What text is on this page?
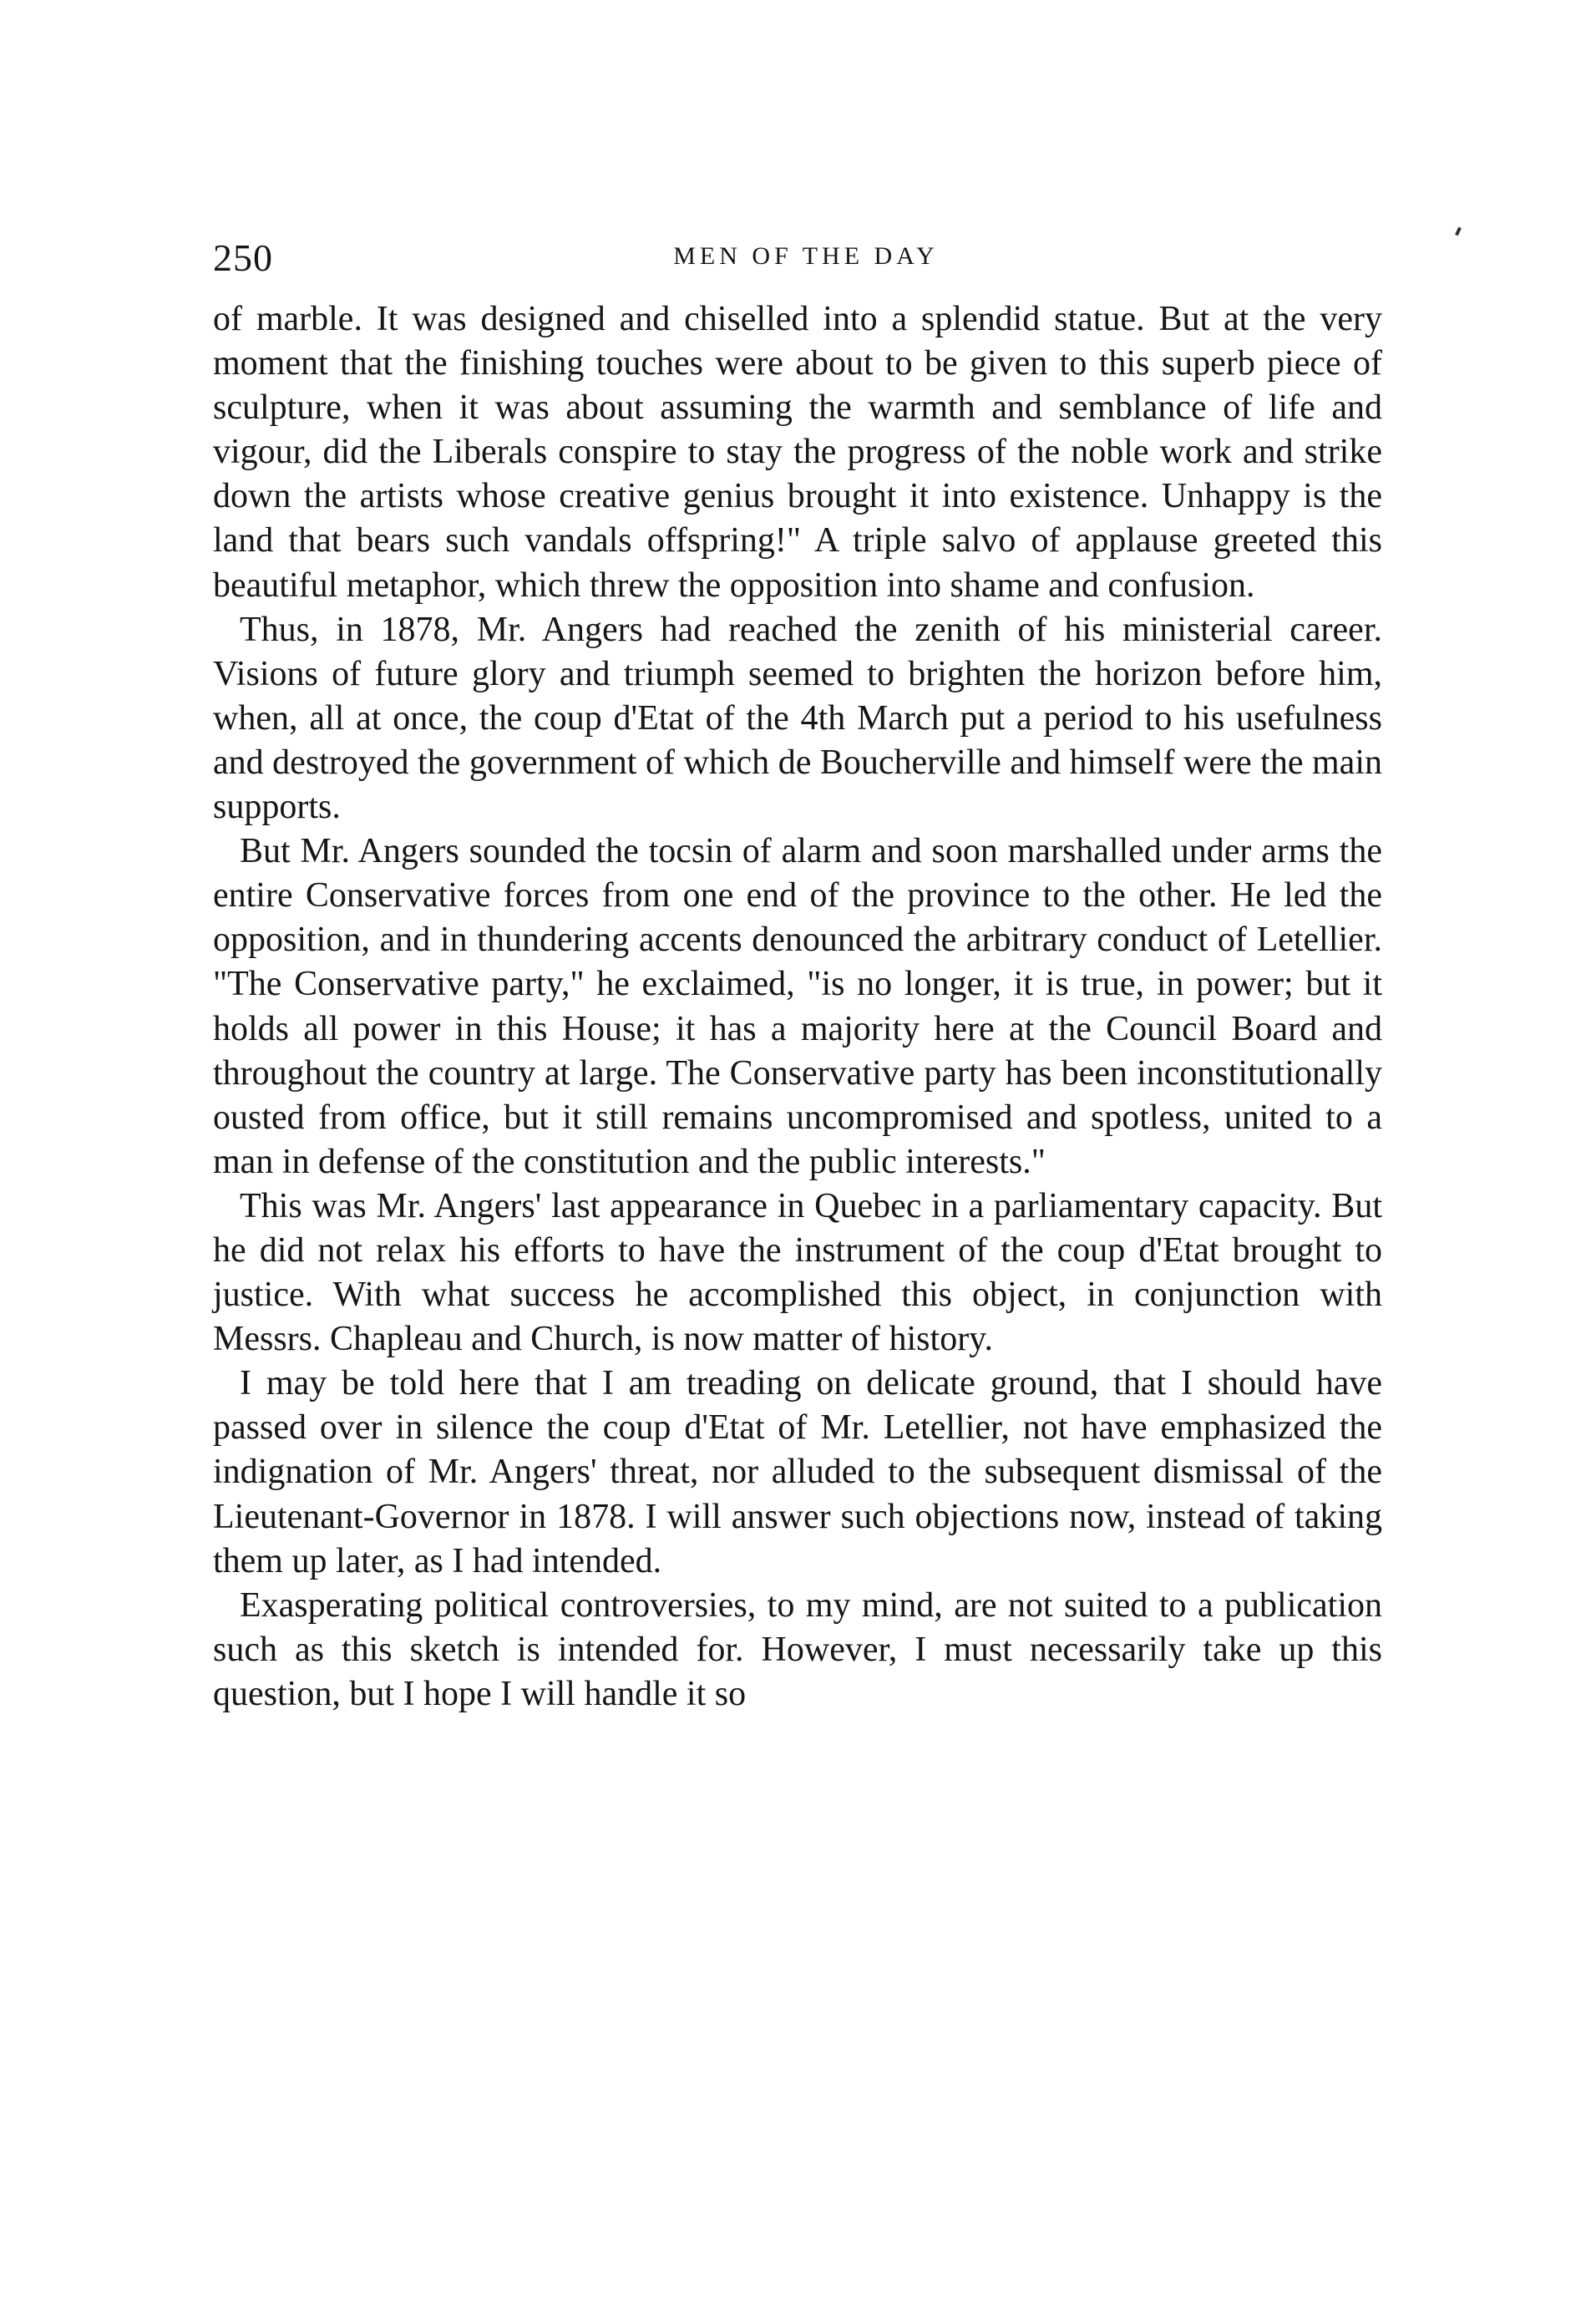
250	MEN OF THE DAY

of marble. It was designed and chiselled into a splendid statue. But at the very moment that the finishing touches were about to be given to this superb piece of sculpture, when it was about assuming the warmth and semblance of life and vigour, did the Liberals conspire to stay the progress of the noble work and strike down the artists whose creative genius brought it into existence. Unhappy is the land that bears such vandals offspring!" A triple salvo of applause greeted this beautiful metaphor, which threw the opposition into shame and confusion.

Thus, in 1878, Mr. Angers had reached the zenith of his ministerial career. Visions of future glory and triumph seemed to brighten the horizon before him, when, all at once, the coup d'Etat of the 4th March put a period to his usefulness and destroyed the government of which de Boucherville and himself were the main supports.

But Mr. Angers sounded the tocsin of alarm and soon marshalled under arms the entire Conservative forces from one end of the province to the other. He led the opposition, and in thundering accents denounced the arbitrary conduct of Letellier. "The Conservative party," he exclaimed, "is no longer, it is true, in power; but it holds all power in this House; it has a majority here at the Council Board and throughout the country at large. The Conservative party has been inconstitutionally ousted from office, but it still remains uncompromised and spotless, united to a man in defense of the constitution and the public interests."

This was Mr. Angers' last appearance in Quebec in a parliamentary capacity. But he did not relax his efforts to have the instrument of the coup d'Etat brought to justice. With what success he accomplished this object, in conjunction with Messrs. Chapleau and Church, is now matter of history.

I may be told here that I am treading on delicate ground, that I should have passed over in silence the coup d'Etat of Mr. Letellier, not have emphasized the indignation of Mr. Angers' threat, nor alluded to the subsequent dismissal of the Lieutenant-Governor in 1878. I will answer such objections now, instead of taking them up later, as I had intended.

Exasperating political controversies, to my mind, are not suited to a publication such as this sketch is intended for. However, I must necessarily take up this question, but I hope I will handle it so
